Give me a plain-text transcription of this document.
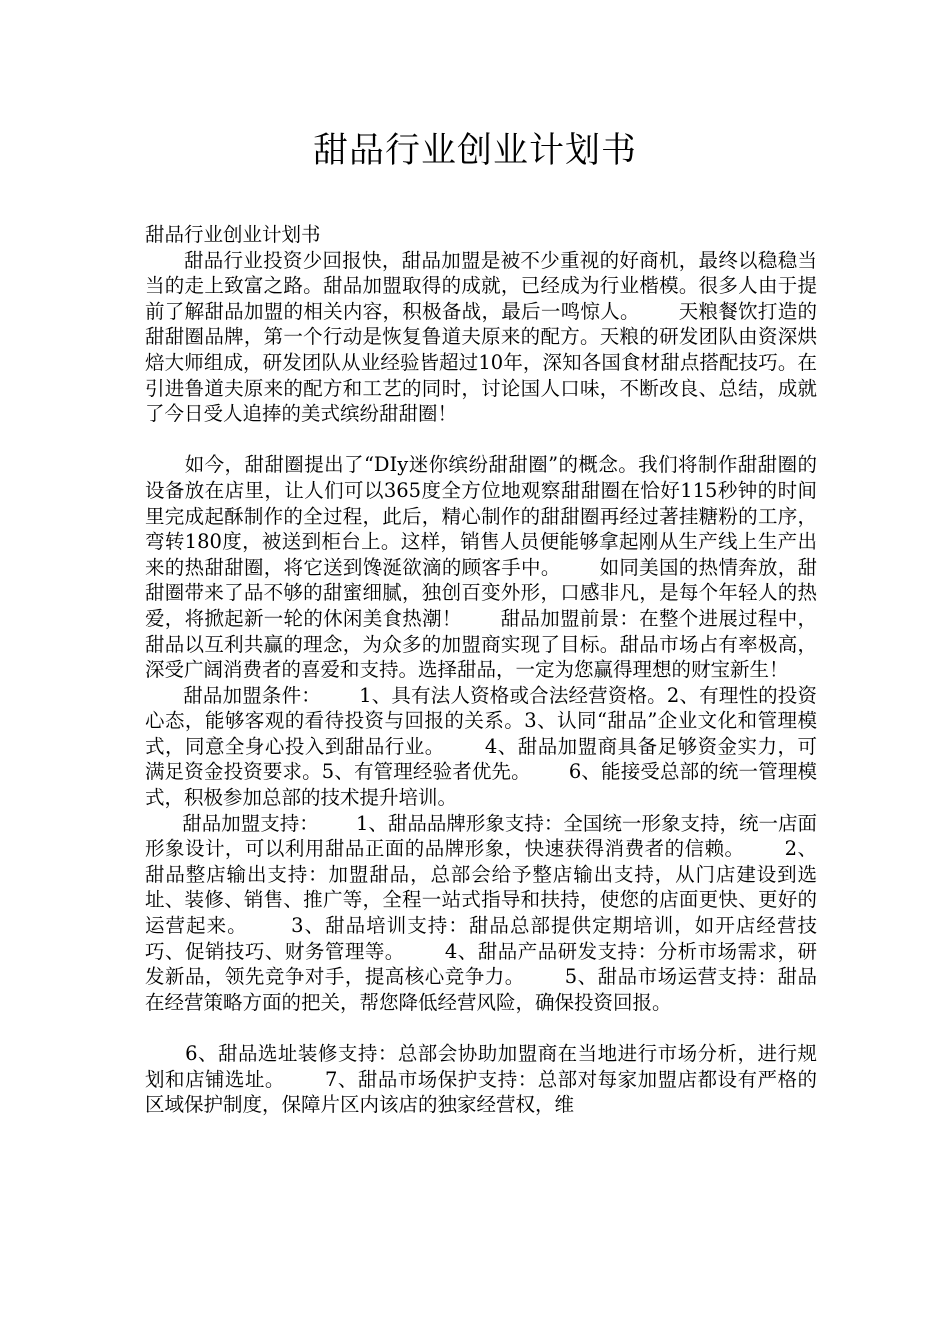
甜品行业创业计划书

甜品行业创业计划书

甜品行业投资少回报快，甜品加盟是被不少重视的好商机，最终以稳稳当当的走上致富之路。甜品加盟取得的成就，已经成为行业楷模。很多人由于提前了解甜品加盟的相关内容，积极备战，最后一鸣惊人。      天粮餐饮打造的甜甜圈品牌，第一个行动是恢复鲁道夫原来的配方。天粮的研发团队由资深烘焙大师组成，研发团队从业经验皆超过10年，深知各国食材甜点搭配技巧。在引进鲁道夫原来的配方和工艺的同时，讨论国人口味，不断改良、总结，成就了今日受人追捧的美式缤纷甜甜圈！

如今，甜甜圈提出了“DIy迷你缤纷甜甜圈”的概念。我们将制作甜甜圈的设备放在店里，让人们可以365度全方位地观察甜甜圈在恰好115秒钟的时间里完成起酥制作的全过程，此后，精心制作的甜甜圈再经过著挂糖粉的工序，弯转180度，被送到柜台上。这样，销售人员便能够拿起刚从生产线上生产出来的热甜甜圈，将它送到馋涎欲滴的顾客手中。      如同美国的热情奔放，甜甜圈带来了品不够的甜蜜细腻，独创百变外形，口感非凡，是每个年轻人的热爱，将掀起新一轮的休闲美食热潮！      甜品加盟前景：在整个进展过程中，甜品以互利共赢的理念，为众多的加盟商实现了目标。甜品市场占有率极高，深受广阔消费者的喜爱和支持。选择甜品，一定为您赢得理想的财宝新生！

甜品加盟条件：      1、具有法人资格或合法经营资格。2、有理性的投资心态，能够客观的看待投资与回报的关系。3、认同“甜品”企业文化和管理模式，同意全身心投入到甜品行业。      4、甜品加盟商具备足够资金实力，可满足资金投资要求。5、有管理经验者优先。      6、能接受总部的统一管理模式，积极参加总部的技术提升培训。

甜品加盟支持：      1、甜品品牌形象支持：全国统一形象支持，统一店面形象设计，可以利用甜品正面的品牌形象，快速获得消费者的信赖。      2、甜品整店输出支持：加盟甜品，总部会给予整店输出支持，从门店建设到选址、装修、销售、推广等，全程一站式指导和扶持，使您的店面更快、更好的运营起来。      3、甜品培训支持：甜品总部提供定期培训，如开店经营技巧、促销技巧、财务管理等。      4、甜品产品研发支持：分析市场需求，研发新品，领先竞争对手，提高核心竞争力。      5、甜品市场运营支持：甜品在经营策略方面的把关，帮您降低经营风险，确保投资回报。

6、甜品选址装修支持：总部会协助加盟商在当地进行市场分析，进行规划和店铺选址。      7、甜品市场保护支持：总部对每家加盟店都设有严格的区域保护制度，保障片区内该店的独家经营权，维
